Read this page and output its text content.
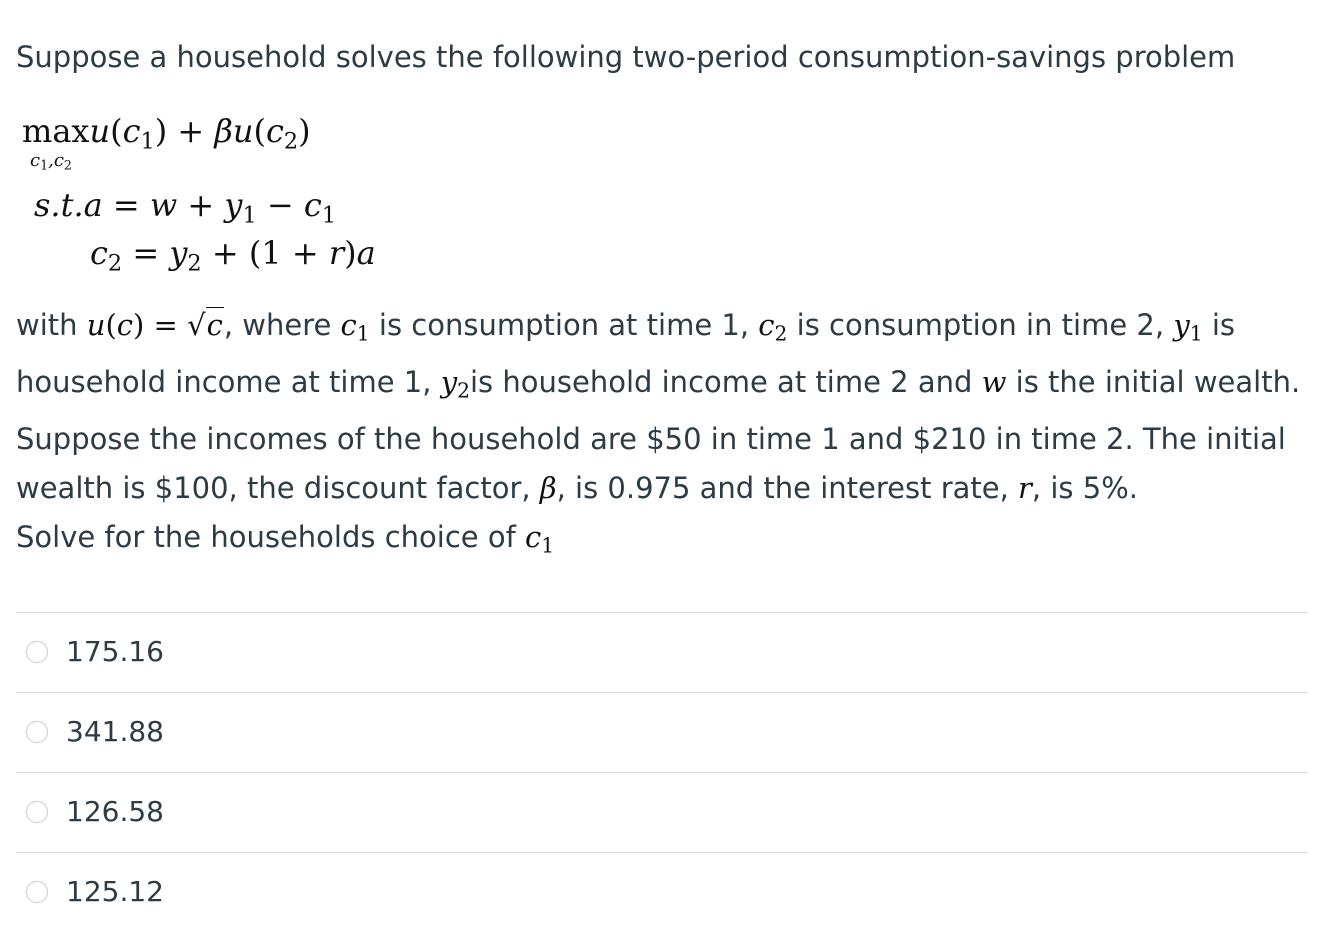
Suppose a household solves the following two-period consumption-savings problem
$\max u(c_1) + \beta u(c_2)$
$c_1,c_2$
$s.t.a = w + y_1 - c_1$
$c_2 = y_2 + (1 + r)a$

with u(c) = √c, where $c_1$ is consumption at time 1, $c_2$ is consumption in time 2, $y_1$ is

household income at time 1, $y_2is$ household income at time 2 and w is the initial wealth.

Suppose the incomes of the household are $50 in time 1 and $210 in time 2. The initial

wealth is $100, the discount factor, β, is 0.975 and the interest rate, r, is 5%.

Solve for the households choice of $c_1$
175.16
341.88
126.58
125.12
